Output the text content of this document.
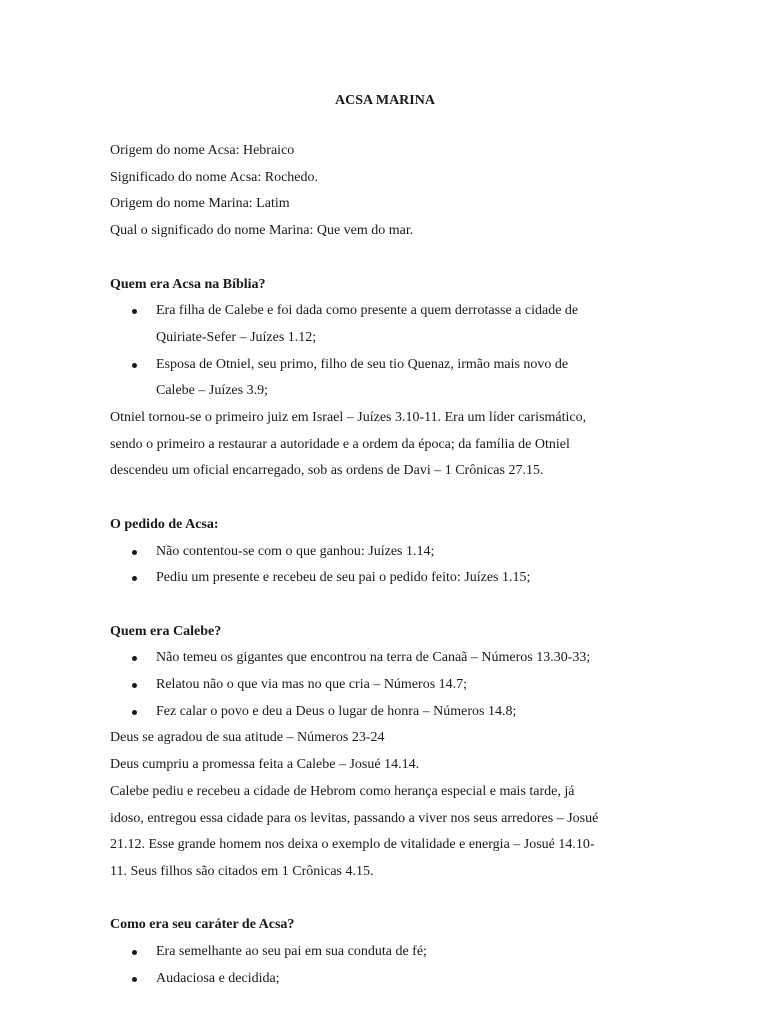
ACSA MARINA

Origem do nome Acsa: Hebraico

Significado do nome Acsa: Rochedo.

Origem do nome Marina: Latim

Qual o significado do nome Marina: Que vem do mar.

Quem era Acsa na Bíblia?

Era filha de Calebe e foi dada como presente a quem derrotasse a cidade de
Quiriate-Sefer – Juízes 1.12;
Esposa de Otniel, seu primo, filho de seu tio Quenaz, irmão mais novo de
Calebe – Juízes 3.9;

Otniel tornou-se o primeiro juiz em Israel – Juízes 3.10-11. Era um líder carismático,

sendo o primeiro a restaurar a autoridade e a ordem da época; da família de Otniel

descendeu um oficial encarregado, sob as ordens de Davi – 1 Crônicas 27.15.

O pedido de Acsa:

Não contentou-se com o que ganhou: Juízes 1.14;
Pediu um presente e recebeu de seu pai o pedido feito: Juízes 1.15;

Quem era Calebe?

Não temeu os gigantes que encontrou na terra de Canaã – Números 13.30-33;
Relatou não o que via mas no que cria – Números 14.7;
Fez calar o povo e deu a Deus o lugar de honra – Números 14.8;

Deus se agradou de sua atitude – Números 23-24

Deus cumpriu a promessa feita a Calebe – Josué 14.14.

Calebe pediu e recebeu a cidade de Hebrom como herança especial e mais tarde, já

idoso, entregou essa cidade para os levitas, passando a viver nos seus arredores – Josué

21.12. Esse grande homem nos deixa o exemplo de vitalidade e energia – Josué 14.10-

11. Seus filhos são citados em 1 Crônicas 4.15.

Como era seu caráter de Acsa?

Era semelhante ao seu pai em sua conduta de fé;
Audaciosa e decidida;
